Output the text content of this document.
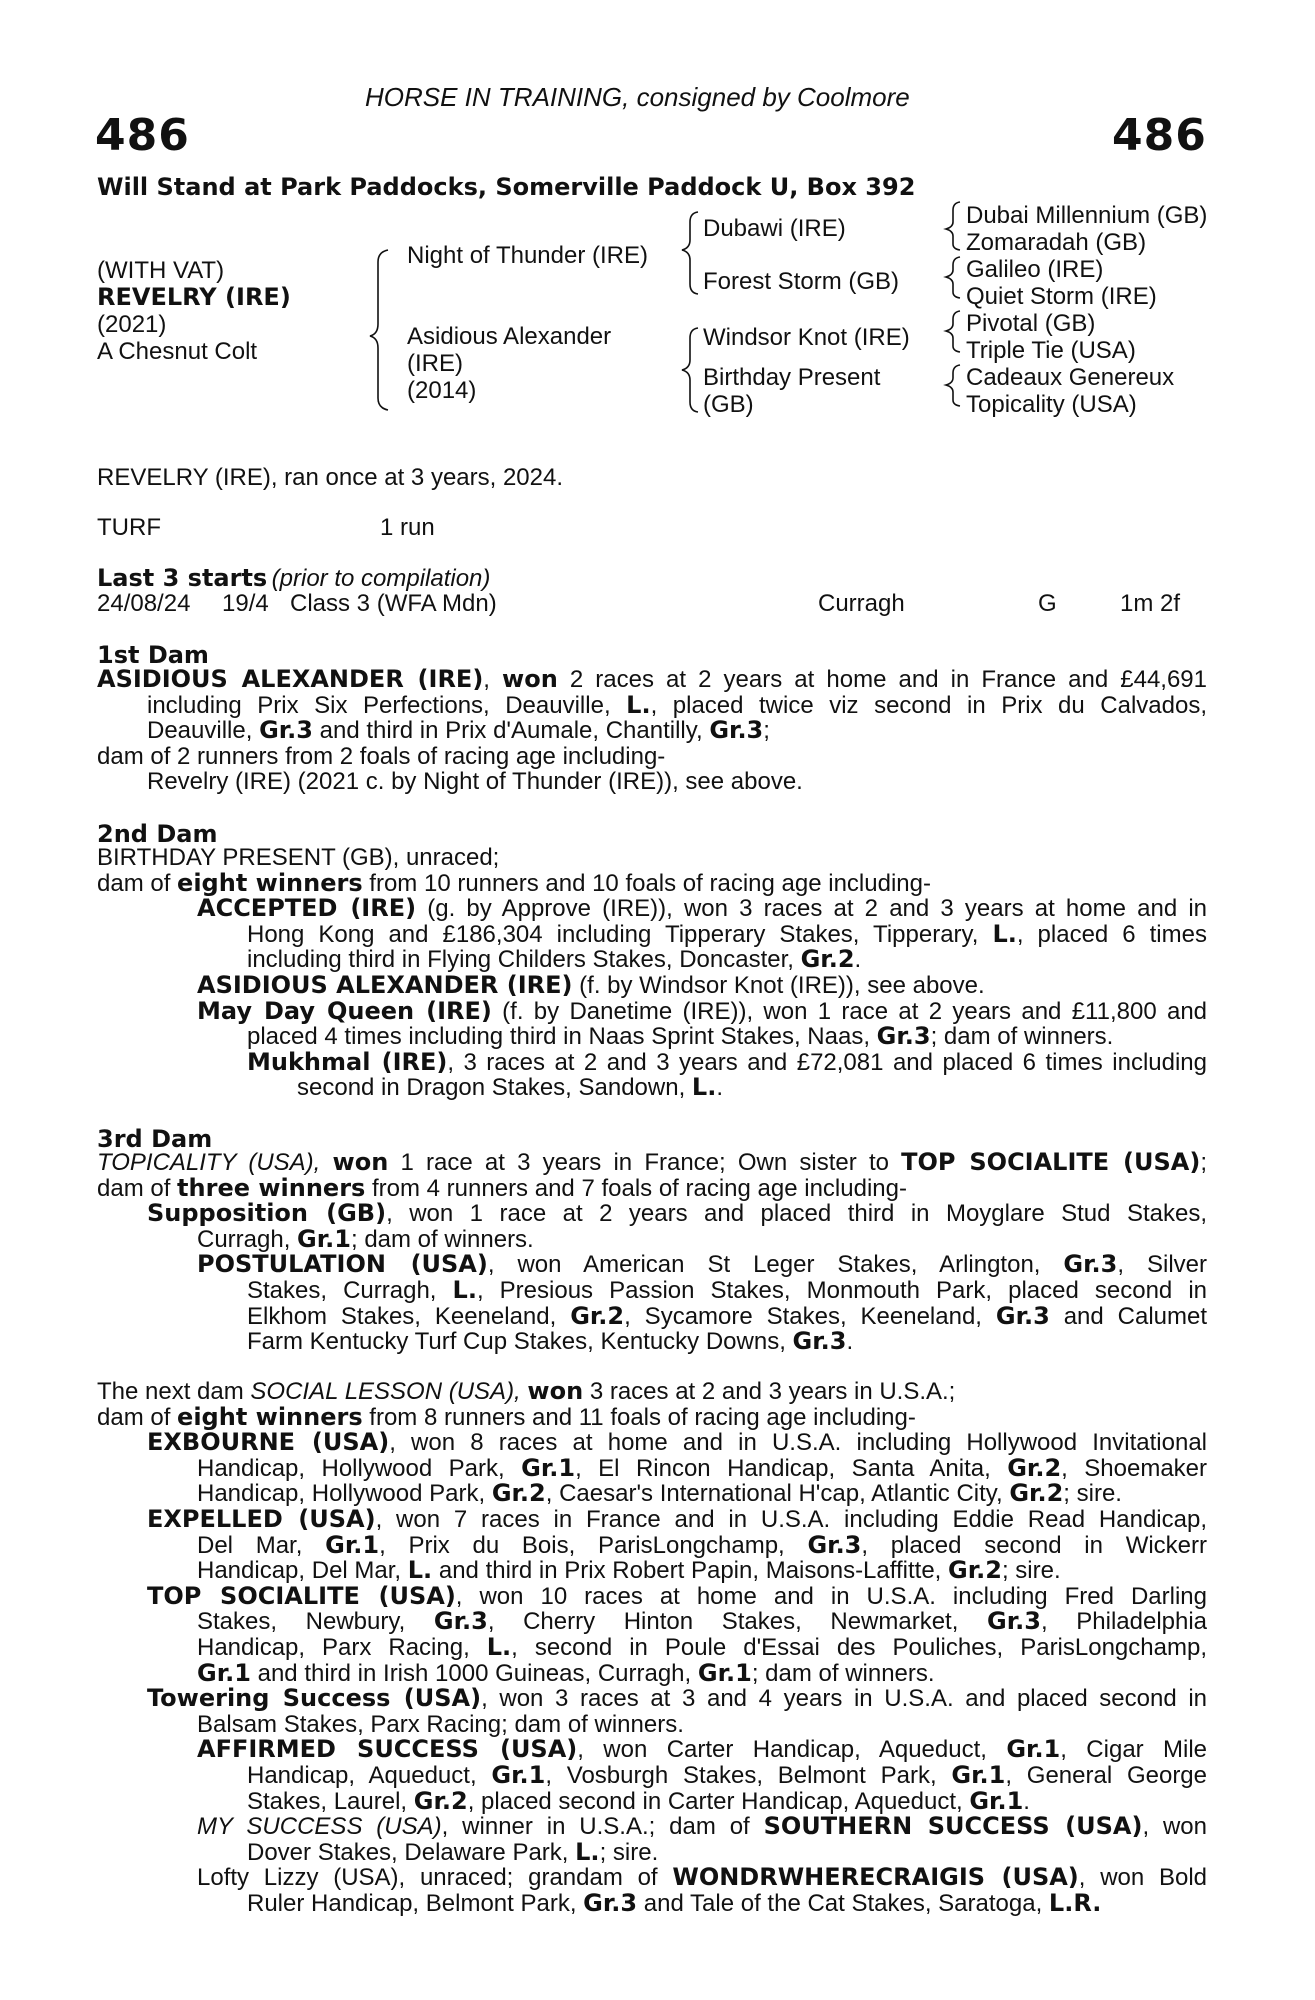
HORSE IN TRAINING, consigned by Coolmore
486	486
Will Stand at Park Paddocks, Somerville Paddock U, Box 392
(WITH VAT)
REVELRY (IRE)
(2021)
A Chesnut Colt
Night of Thunder (IRE)
Asidious Alexander
(IRE)
(2014)
Dubawi (IRE)
Forest Storm (GB)
Windsor Knot (IRE)
Birthday Present
(GB)
Dubai Millennium (GB)
Zomaradah (GB)
Galileo (IRE)
Quiet Storm (IRE)
Pivotal (GB)
Triple Tie (USA)
Cadeaux Genereux
Topicality (USA)
REVELRY (IRE), ran once at 3 years, 2024.
TURF	1 run
Last 3 starts (prior to compilation)
24/08/24 19/4 Class 3 (WFA Mdn)	Curragh	G	1m 2f
1st Dam
ASIDIOUS ALEXANDER (IRE), won 2 races at 2 years at home and in France and £44,691
including Prix Six Perfections, Deauville, L., placed twice viz second in Prix du Calvados,
Deauville, Gr.3 and third in Prix d'Aumale, Chantilly, Gr.3;
dam of 2 runners from 2 foals of racing age including-
Revelry (IRE) (2021 c. by Night of Thunder (IRE)), see above.
2nd Dam
BIRTHDAY PRESENT (GB), unraced;
dam of eight winners from 10 runners and 10 foals of racing age including-
ACCEPTED (IRE) (g. by Approve (IRE)), won 3 races at 2 and 3 years at home and in
Hong Kong and £186,304 including Tipperary Stakes, Tipperary, L., placed 6 times
including third in Flying Childers Stakes, Doncaster, Gr.2.
ASIDIOUS ALEXANDER (IRE) (f. by Windsor Knot (IRE)), see above.
May Day Queen (IRE) (f. by Danetime (IRE)), won 1 race at 2 years and £11,800 and
placed 4 times including third in Naas Sprint Stakes, Naas, Gr.3; dam of winners.
Mukhmal (IRE), 3 races at 2 and 3 years and £72,081 and placed 6 times including
second in Dragon Stakes, Sandown, L..
3rd Dam
TOPICALITY (USA), won 1 race at 3 years in France; Own sister to TOP SOCIALITE (USA);
dam of three winners from 4 runners and 7 foals of racing age including-
Supposition (GB), won 1 race at 2 years and placed third in Moyglare Stud Stakes,
Curragh, Gr.1; dam of winners.
POSTULATION (USA), won American St Leger Stakes, Arlington, Gr.3, Silver
Stakes, Curragh, L., Presious Passion Stakes, Monmouth Park, placed second in
Elkhom Stakes, Keeneland, Gr.2, Sycamore Stakes, Keeneland, Gr.3 and Calumet
Farm Kentucky Turf Cup Stakes, Kentucky Downs, Gr.3.
The next dam SOCIAL LESSON (USA), won 3 races at 2 and 3 years in U.S.A.;
dam of eight winners from 8 runners and 11 foals of racing age including-
EXBOURNE (USA), won 8 races at home and in U.S.A. including Hollywood Invitational
Handicap, Hollywood Park, Gr.1, El Rincon Handicap, Santa Anita, Gr.2, Shoemaker
Handicap, Hollywood Park, Gr.2, Caesar's International H'cap, Atlantic City, Gr.2; sire.
EXPELLED (USA), won 7 races in France and in U.S.A. including Eddie Read Handicap,
Del Mar, Gr.1, Prix du Bois, ParisLongchamp, Gr.3, placed second in Wickerr
Handicap, Del Mar, L. and third in Prix Robert Papin, Maisons-Laffitte, Gr.2; sire.
TOP SOCIALITE (USA), won 10 races at home and in U.S.A. including Fred Darling
Stakes, Newbury, Gr.3, Cherry Hinton Stakes, Newmarket, Gr.3, Philadelphia
Handicap, Parx Racing, L., second in Poule d'Essai des Pouliches, ParisLongchamp,
Gr.1 and third in Irish 1000 Guineas, Curragh, Gr.1; dam of winners.
Towering Success (USA), won 3 races at 3 and 4 years in U.S.A. and placed second in
Balsam Stakes, Parx Racing; dam of winners.
AFFIRMED SUCCESS (USA), won Carter Handicap, Aqueduct, Gr.1, Cigar Mile
Handicap, Aqueduct, Gr.1, Vosburgh Stakes, Belmont Park, Gr.1, General George
Stakes, Laurel, Gr.2, placed second in Carter Handicap, Aqueduct, Gr.1.
MY SUCCESS (USA), winner in U.S.A.; dam of SOUTHERN SUCCESS (USA), won
Dover Stakes, Delaware Park, L.; sire.
Lofty Lizzy (USA), unraced; grandam of WONDRWHERECRAIGIS (USA), won Bold
Ruler Handicap, Belmont Park, Gr.3 and Tale of the Cat Stakes, Saratoga, L.R.
